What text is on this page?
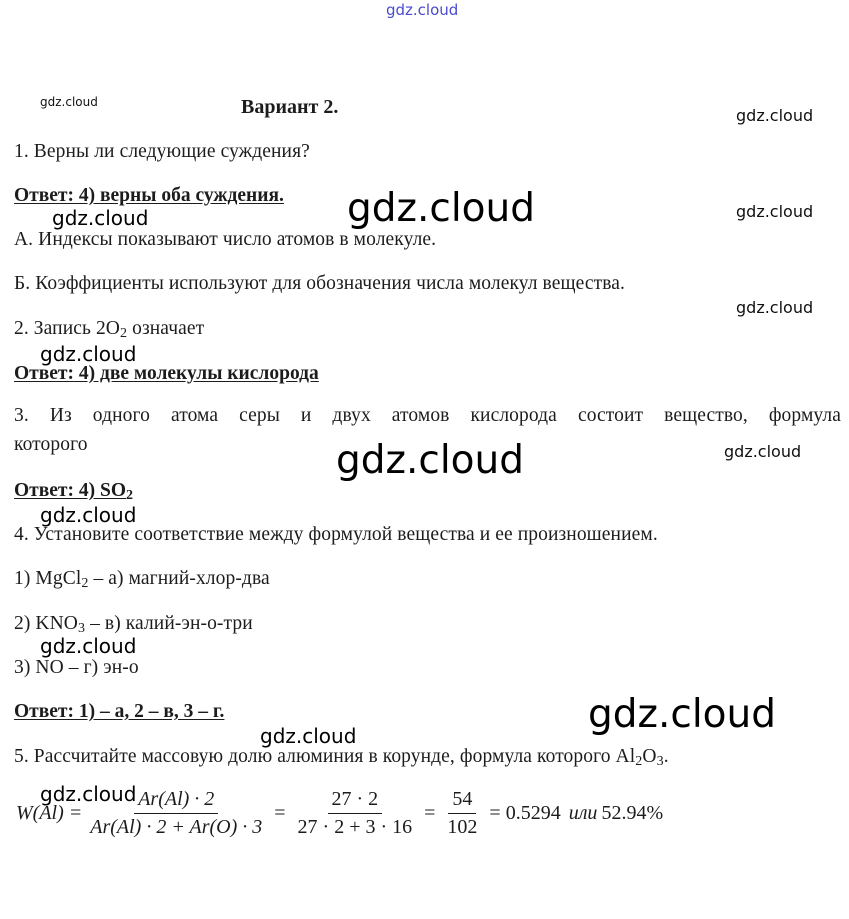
gdz.cloud
gdz.cloud
gdz.cloud
gdz.cloud
gdz.cloud
gdz.cloud
gdz.cloud
gdz.cloud
gdz.cloud
gdz.cloud
gdz.cloud
gdz.cloud
gdz.cloud
gdz.cloud
gdz.cloud
Вариант 2.
1. Верны ли следующие суждения?
Ответ: 4) верны оба суждения.
А. Индексы показывают число атомов в молекуле.
Б. Коэффициенты используют для обозначения числа молекул вещества.
2. Запись $2O_2$ означает
Ответ: 4) две молекулы кислорода
3. Из одного атома серы и двух атомов кислорода состоит вещество, формула
которого
Ответ: 4) $SO_2$
4. Установите соответствие между формулой вещества и ее произношением.
1) MgCl$_2$ – а) магний-хлор-два
2) $KNO_3 - в$) калий-эн-о-три
3) NO – г) эн-о
Ответ: 1) – а, 2 – в, 3 – г.
5. Рассчитайте массовую долю алюминия в корунде, формула которого $Al_2O_3$.
$W(Al) = \frac{Ar(Al) \cdot 2}{Ar(Al) \cdot 2 + Ar(O) \cdot 3} = \frac{27 \cdot 2}{27 \cdot 2 + 3 \cdot 16} = \frac{54}{102} = 0.5294$ или 52.94%
